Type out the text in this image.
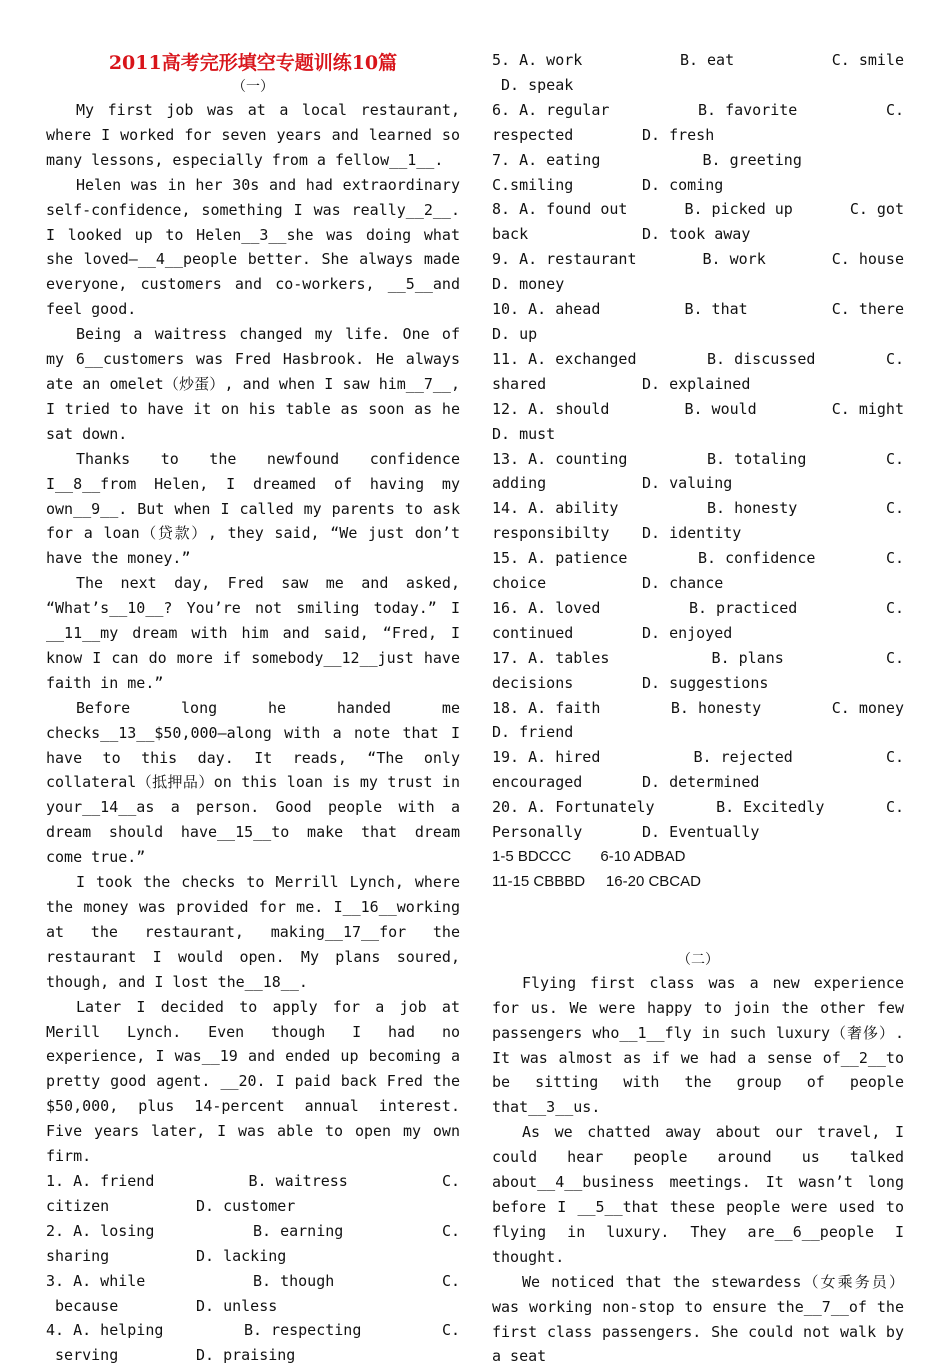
2011高考完形填空专题训练10篇
（一）

My first job was at a local restaurant, where I worked for seven years and learned so many lessons, especially from a fellow__1__.

Helen was in her 30s and had extraordinary self-confidence, something I was really__2__. I looked up to Helen__3__she was doing what she loved—__4__people better. She always made everyone, customers and co-workers, __5__and feel good.

Being a waitress changed my life. One of my 6__customers was Fred Hasbrook. He always ate an omelet（炒蛋）, and when I saw him__7__, I tried to have it on his table as soon as he sat down.

Thanks to the newfound confidence I__8__from Helen, I dreamed of having my own__9__. But when I called my parents to ask for a loan（贷款）, they said, “We just don’t have the money.”

The next day, Fred saw me and asked, “What’s__10__? You’re not smiling today.” I __11__my dream with him and said, “Fred, I know I can do more if somebody__12__just have faith in me.”

Before long he handed me checks__13__$50,000—along with a note that I have to this day. It reads, “The only collateral（抵押品）on this loan is my trust in your__14__as a person. Good people with a dream should have__15__to make that dream come true.”

I took the checks to Merrill Lynch, where the money was provided for me. I__16__working at the restaurant, making__17__for the restaurant I would open. My plans soured, though, and I lost the__18__.

Later I decided to apply for a job at Merill Lynch. Even though I had no experience, I was__19 and ended up becoming a pretty good agent. __20. I paid back Fred the $50,000, plus 14-percent annual interest. Five years later, I was able to open my own firm.

1. A. friend	B. waitress	C.
citizen	D. customer
2. A. losing	B. earning	C.
sharing	D. lacking
3. A. while	B. though	C.
because	D. unless
4. A. helping	B. respecting	C.
serving	D. praising
5. A. work	B. eat	C. smile
D. speak
6. A. regular	B. favorite	C.
respected	D. fresh
7. A. eating	B. greeting
C.smiling	D. coming
8. A. found out	B. picked up	C. got
back	D. took away
9. A. restaurant	B. work	C. house
D. money
10. A. ahead	B. that	C. there
D. up
11. A. exchanged	B. discussed	C.
shared	D. explained
12. A. should	B. would	C. might
D. must
13. A. counting	B. totaling	C.
adding	D. valuing
14. A. ability	B. honesty	C.
responsibilty D. identity
15. A. patience	B. confidence	C.
choice	D. chance
16. A. loved	B. practiced	C.
continued	D. enjoyed
17. A. tables	B. plans	C.
decisions	D. suggestions
18. A. faith	B. honesty	C. money
D. friend
19. A. hired	B. rejected	C.
encouraged	D. determined
20. A. Fortunately	B. Excitedly	C.
Personally	D. Eventually

1-5 BDCCC       6-10 ADBAD

11-15 CBBBD     16-20 CBCAD

（二）

Flying first class was a new experience for us. We were happy to join the other few passengers who__1__fly in such luxury（奢侈）. It was almost as if we had a sense of__2__to be sitting with the group of people that__3__us.

As we chatted away about our travel, I could hear people around us talked about__4__business meetings. It wasn’t long before I __5__that these people were used to flying in luxury. They are__6__people I thought.

We noticed that the stewardess（女乘务员）was working non-stop to ensure the__7__of the first class passengers. She could not walk by a seat
